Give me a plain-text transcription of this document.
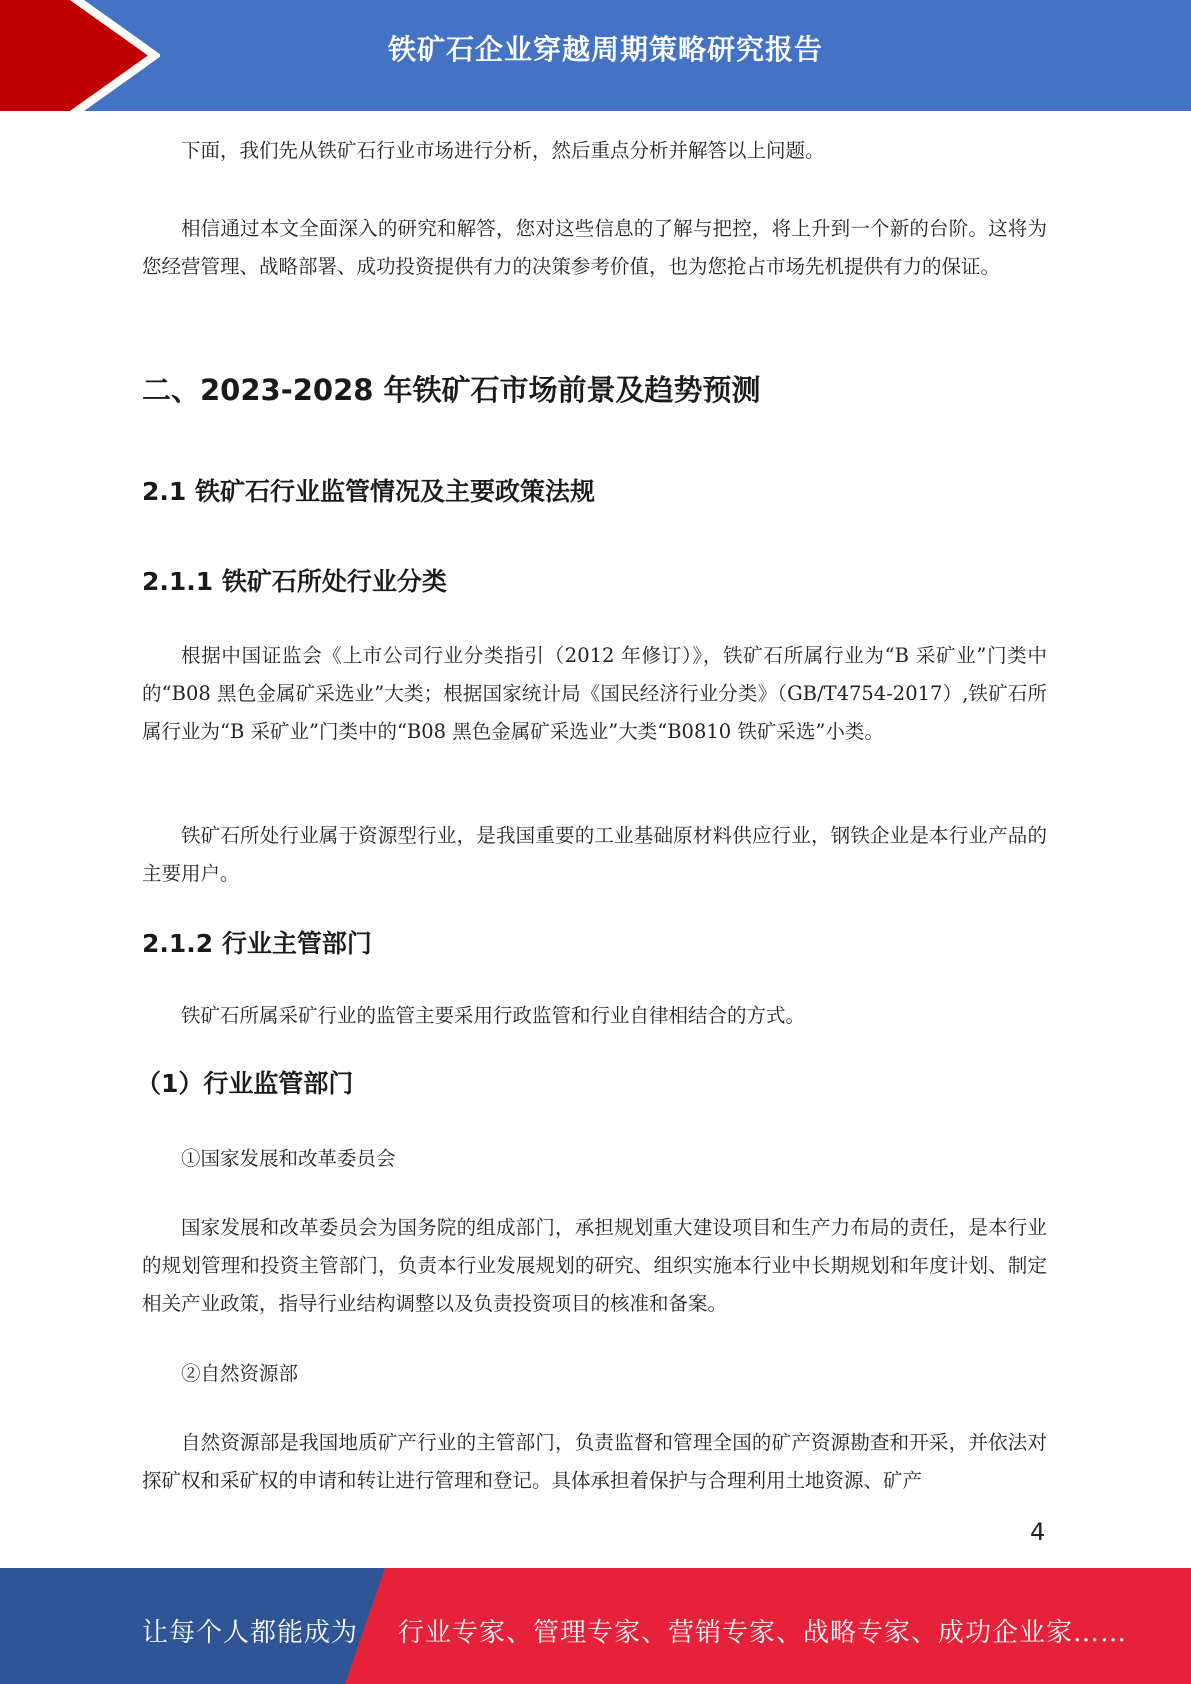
铁矿石企业穿越周期策略研究报告

下面，我们先从铁矿石行业市场进行分析，然后重点分析并解答以上问题。

相信通过本文全面深入的研究和解答，您对这些信息的了解与把控，将上升到一个新的台阶。这将为您经营管理、战略部署、成功投资提供有力的决策参考价值，也为您抢占市场先机提供有力的保证。

二、2023-2028 年铁矿石市场前景及趋势预测
2.1 铁矿石行业监管情况及主要政策法规
2.1.1 铁矿石所处行业分类

根据中国证监会《上市公司行业分类指引（2012 年修订）》，铁矿石所属行业为“B 采矿业”门类中的“B08 黑色金属矿采选业”大类；根据国家统计局《国民经济行业分类》（GB/T4754-2017）,铁矿石所属行业为“B 采矿业”门类中的“B08 黑色金属矿采选业”大类“B0810 铁矿采选”小类。

铁矿石所处行业属于资源型行业，是我国重要的工业基础原材料供应行业，钢铁企业是本行业产品的主要用户。

2.1.2 行业主管部门

铁矿石所属采矿行业的监管主要采用行政监管和行业自律相结合的方式。

（1）行业监管部门

①国家发展和改革委员会

国家发展和改革委员会为国务院的组成部门，承担规划重大建设项目和生产力布局的责任，是本行业的规划管理和投资主管部门，负责本行业发展规划的研究、组织实施本行业中长期规划和年度计划、制定相关产业政策，指导行业结构调整以及负责投资项目的核准和备案。

②自然资源部

自然资源部是我国地质矿产行业的主管部门，负责监督和管理全国的矿产资源勘查和开采，并依法对探矿权和采矿权的申请和转让进行管理和登记。具体承担着保护与合理利用土地资源、矿产

4
让每个人都能成为 行业专家、管理专家、营销专家、战略专家、成功企业家……
